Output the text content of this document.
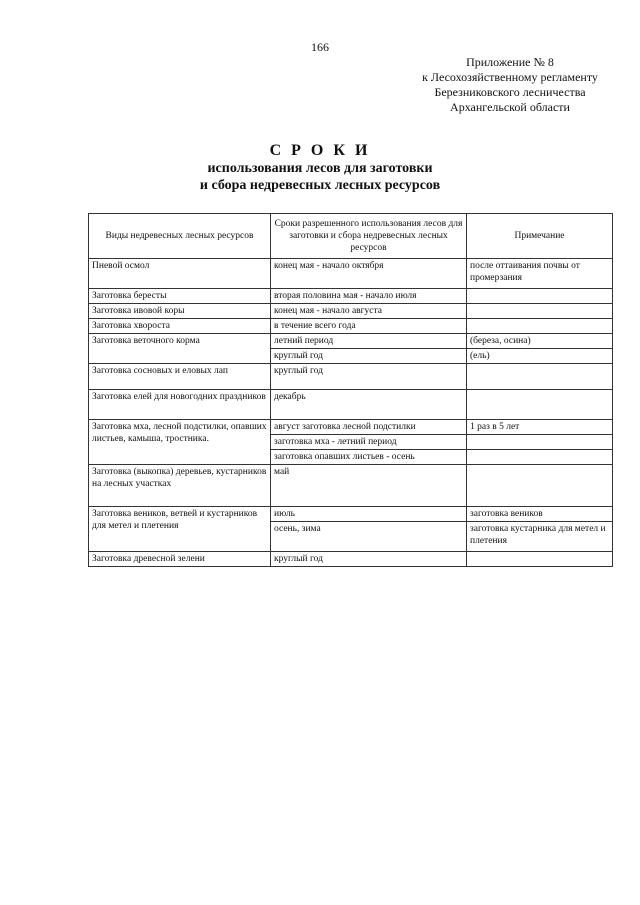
166
Приложение № 8
к Лесохозяйственному регламенту
Березниковского лесничества
Архангельской области
С Р О К И
использования лесов для заготовки
и сбора недревесных лесных ресурсов
Виды недревесных лесных ресурсов	Сроки разрешенного использования лесов для заготовки и сбора недревесных лесных ресурсов	Примечание
Пневой осмол	конец мая - начало октября	после оттаивания почвы от промерзания
Заготовка бересты	вторая половина мая - начало июля	
Заготовка ивовой коры	конец мая - начало августа	
Заготовка хвороста	в течение всего года	
Заготовка веточного корма	летний период	(береза, осина)
	круглый год	(ель)
Заготовка сосновых и еловых лап	круглый год	
Заготовка елей для новогодних праздников	декабрь	
Заготовка мха, лесной подстилки, опавших листьев, камыша, тростника.	август заготовка лесной подстилки	1 раз в 5 лет
	заготовка мха - летний период	
	заготовка опавших листьев - осень	
Заготовка (выкопка) деревьев, кустарников на лесных участках	май	
Заготовка веников, ветвей и кустарников для метел и плетения	июль	заготовка веников
	осень, зима	заготовка кустарника для метел и плетения
Заготовка древесной зелени	круглый год	
